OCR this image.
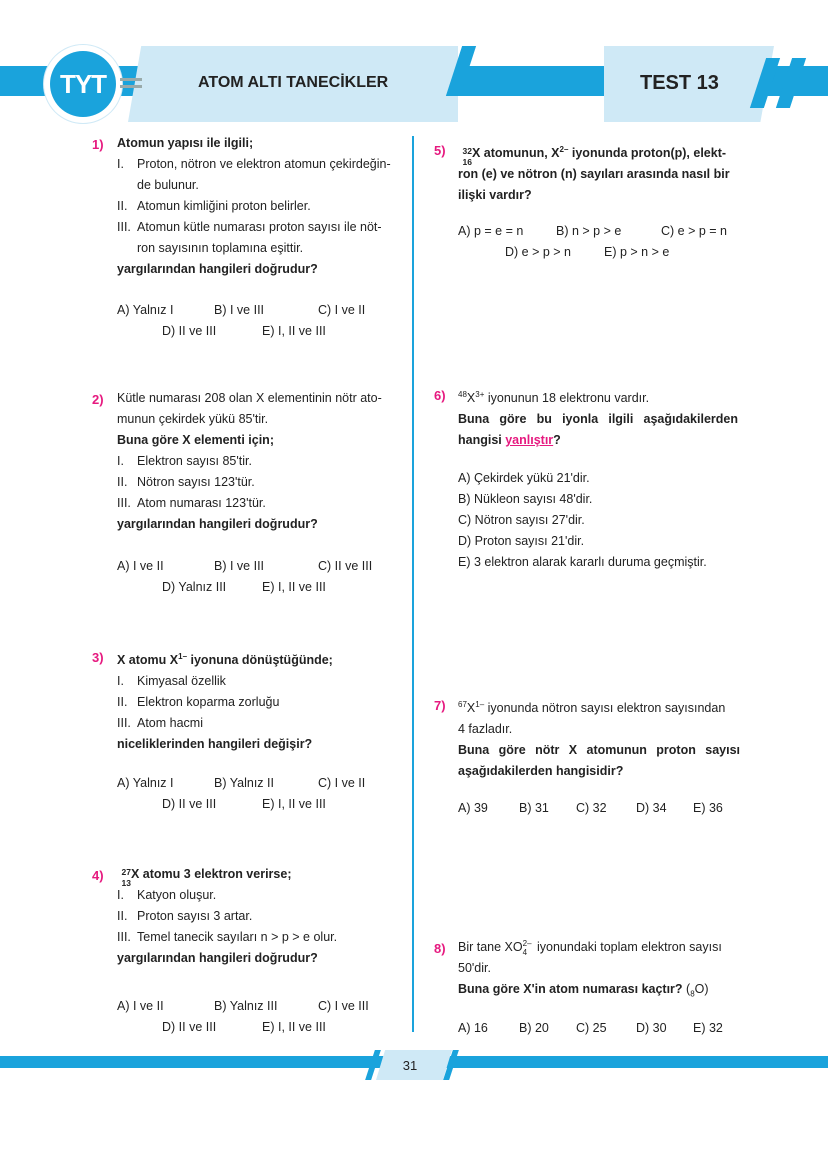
TYT	ATOM ALTI TANECİKLER	TEST 13
1) Atomun yapısı ile ilgili;
I. Proton, nötron ve elektron atomun çekirdeğin-
de bulunur.
II. Atomun kimliğini proton belirler.
III. Atomun kütle numarası proton sayısı ile nöt-
ron sayısının toplamına eşittir.
yargılarından hangileri doğrudur?
A) Yalnız I	B) I ve III	C) I ve II
D) II ve III	E) I, II ve III
2) Kütle numarası 208 olan X elementinin nötr ato-
munun çekirdek yükü 85'tir.
Buna göre X elementi için;
I. Elektron sayısı 85'tir.
II. Nötron sayısı 123'tür.
III. Atom numarası 123'tür.
yargılarından hangileri doğrudur?
A) I ve II	B) I ve III	C) II ve III
D) Yalnız III	E) I, II ve III
3) X atomu $X^{1-}$ iyonuna dönüştüğünde;
I. Kimyasal özellik
II. Elektron koparma zorluğu
III. Atom hacmi
niceliklerinden hangileri değişir?
A) Yalnız I	B) Yalnız II	C) I ve II
D) II ve III	E) I, II ve III
4) 27
13
X atomu 3 elektron verirse;
I. Katyon oluşur.
II. Proton sayısı 3 artar.
III. Temel tanecik sayıları n > p > e olur.
yargılarından hangileri doğrudur?
A) I ve II	B) Yalnız III	C) I ve III
D) II ve III	E) I, II ve III
5) 32
16
X atomunun, $X^{2-}$ iyonunda proton(p), elekt-
ron (e) ve nötron (n) sayıları arasında nasıl bir
ilişki vardır?
A) p = e = n	B) n > p > e	C) e > p = n
D) e > p > n	E) p > n > e
6) $^{48}X^{3+}$ iyonunun 18 elektronu vardır.
Buna göre bu iyonla ilgili aşağıdakilerden
hangisi yanlıştır?
A) Çekirdek yükü 21'dir.
B) Nükleon sayısı 48'dir.
C) Nötron sayısı 27'dir.
D) Proton sayısı 21'dir.
E) 3 elektron alarak kararlı duruma geçmiştir.
7) $^{67}X^{1-}$ iyonunda nötron sayısı elektron sayısından
4 fazladır.
Buna göre nötr X atomunun proton sayısı
aşağıdakilerden hangisidir?
A) 39 B) 31 C) 32 D) 34 E) 36
8) Bir tane XO 2–
4 iyonundaki toplam elektron sayısı
50'dir.
Buna göre X'in atom numarası kaçtır? $(_8O)$
A) 16 B) 20 C) 25 D) 30 E) 32
31
